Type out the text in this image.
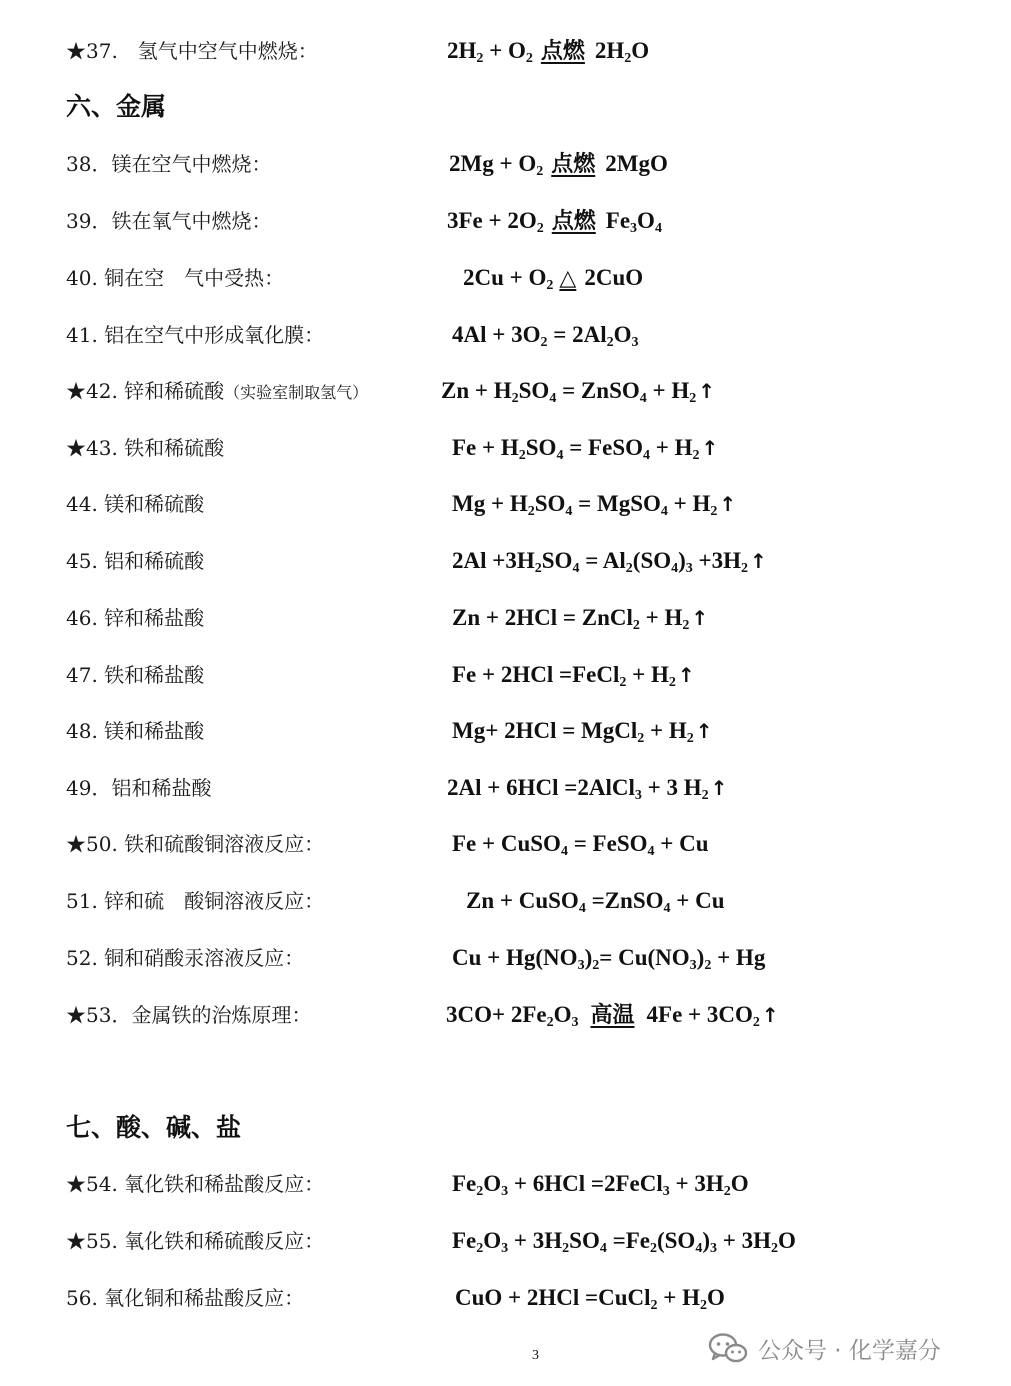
★37.　氢气中空气中燃烧：	$2H_2 + O_2$ 点燃 $2H_2O$
六、金属
38．镁在空气中燃烧：	$2Mg + O_2$ 点燃 2MgO
39．铁在氧气中燃烧：	$3Fe + 2O_2$ 点燃 $Fe_3O_4$
40. 铜在空　气中受热：	$2Cu + O_2$ △ 2CuO
41. 铝在空气中形成氧化膜：	$4Al + 3O_2 = 2Al_2O_3$
★42. 锌和稀硫酸（实验室制取氢气）	$Zn + H_2SO_4$ = ZnSO$_4$ + $H_2$ ↑
★43. 铁和稀硫酸	$Fe + H_2SO_4$ = FeSO$_4$ + $H_2$ ↑
44. 镁和稀硫酸	$Mg + H_2SO_4$ = MgSO$_4$ + $H_2$ ↑
45. 铝和稀硫酸	$2Al +3H_2SO_4 = Al_2(SO_4)_3 +3H_2$ ↑
46. 锌和稀盐酸	Zn + 2HCl = ZnCl$_2$ + $H_2$ ↑
47. 铁和稀盐酸	Fe + 2HCl =FeCl$_2$ + $H_2$ ↑
48. 镁和稀盐酸	Mg+ 2HCl = MgCl$_2$ + $H_2$ ↑
49．铝和稀盐酸	2Al + 6HCl =2AlCl$_3$ + 3 $H_2$ ↑
★50. 铁和硫酸铜溶液反应：	Fe + CuSO$_4$ = FeSO$_4$ + Cu
51. 锌和硫　酸铜溶液反应：	Zn + CuSO$_4$ =ZnSO$_4$ + Cu
52. 铜和硝酸汞溶液反应：	$Cu + Hg(NO_3)_2= Cu(NO_3)_2 + Hg$
★53．金属铁的治炼原理：	$3CO+ 2Fe_2O_3$ 高温 $4Fe + 3CO_2$ ↑
七、酸、碱、盐
★54. 氧化铁和稀盐酸反应：	$Fe_2O_3 + 6HCl$ =2FeCl$_3$ + $3H_2O$
★55. 氧化铁和稀硫酸反应：	$Fe_2O_3 + 3H_2SO_4 =Fe_2(SO_4)_3 + 3H_2O$
56. 氧化铜和稀盐酸反应：	CuO + 2HCl =CuCl$_2$ + $H_2O$
3	公众号 · 化学嘉分
